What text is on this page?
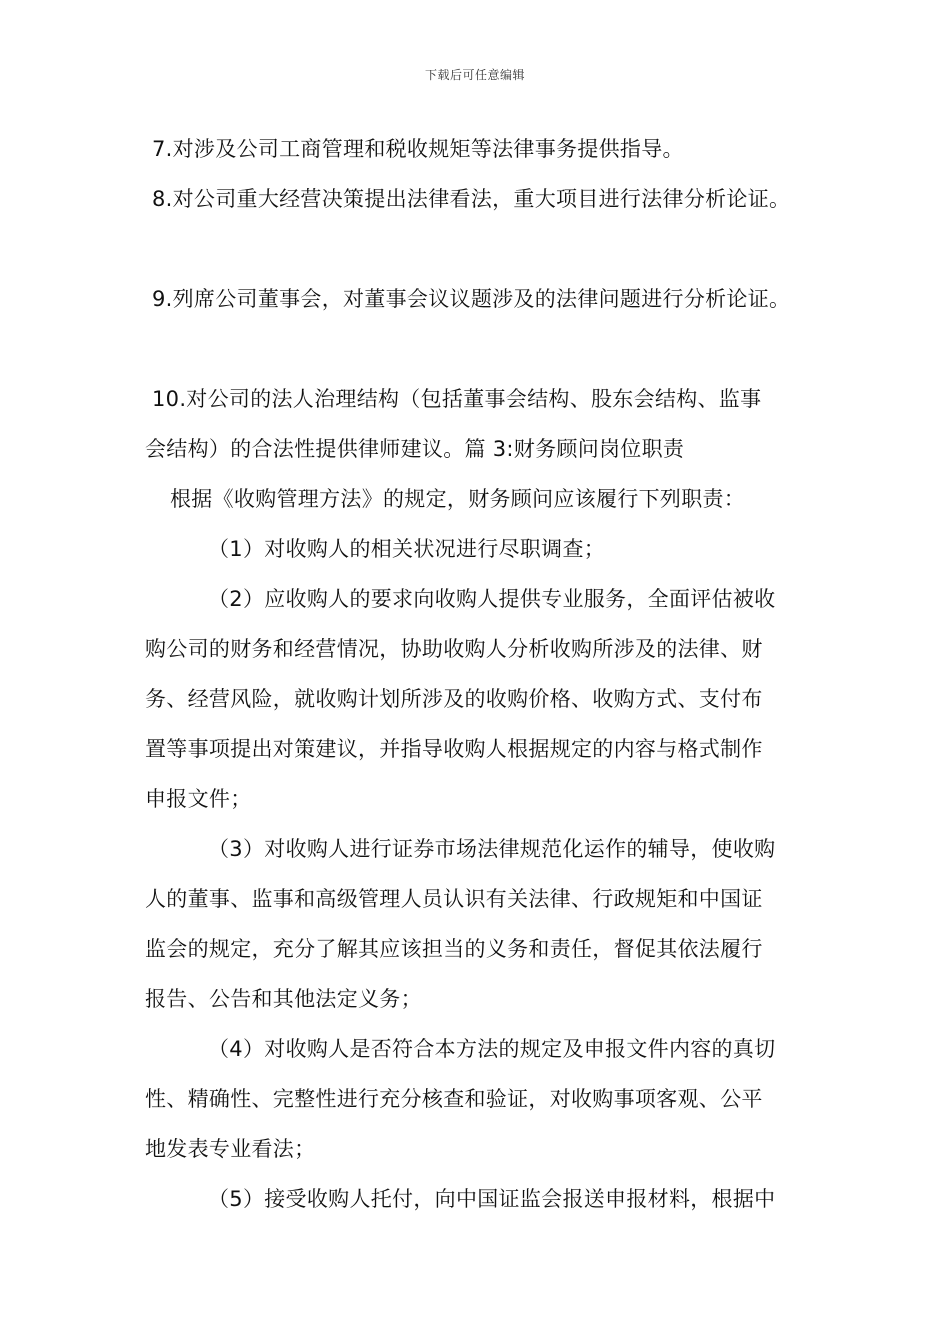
下载后可任意编辑
7.对涉及公司工商管理和税收规矩等法律事务提供指导。
8.对公司重大经营决策提出法律看法，重大项目进行法律分析论证。
9.列席公司董事会，对董事会议议题涉及的法律问题进行分析论证。
10.对公司的法人治理结构（包括董事会结构、股东会结构、监事
会结构）的合法性提供律师建议。篇 3:财务顾问岗位职责
根据《收购管理方法》的规定，财务顾问应该履行下列职责：
（1）对收购人的相关状况进行尽职调查；
（2）应收购人的要求向收购人提供专业服务，全面评估被收
购公司的财务和经营情况，协助收购人分析收购所涉及的法律、财
务、经营风险，就收购计划所涉及的收购价格、收购方式、支付布
置等事项提出对策建议，并指导收购人根据规定的内容与格式制作
申报文件；
（3）对收购人进行证券市场法律规范化运作的辅导，使收购
人的董事、监事和高级管理人员认识有关法律、行政规矩和中国证
监会的规定，充分了解其应该担当的义务和责任，督促其依法履行
报告、公告和其他法定义务；
（4）对收购人是否符合本方法的规定及申报文件内容的真切
性、精确性、完整性进行充分核查和验证，对收购事项客观、公平
地发表专业看法；
（5）接受收购人托付，向中国证监会报送申报材料，根据中
